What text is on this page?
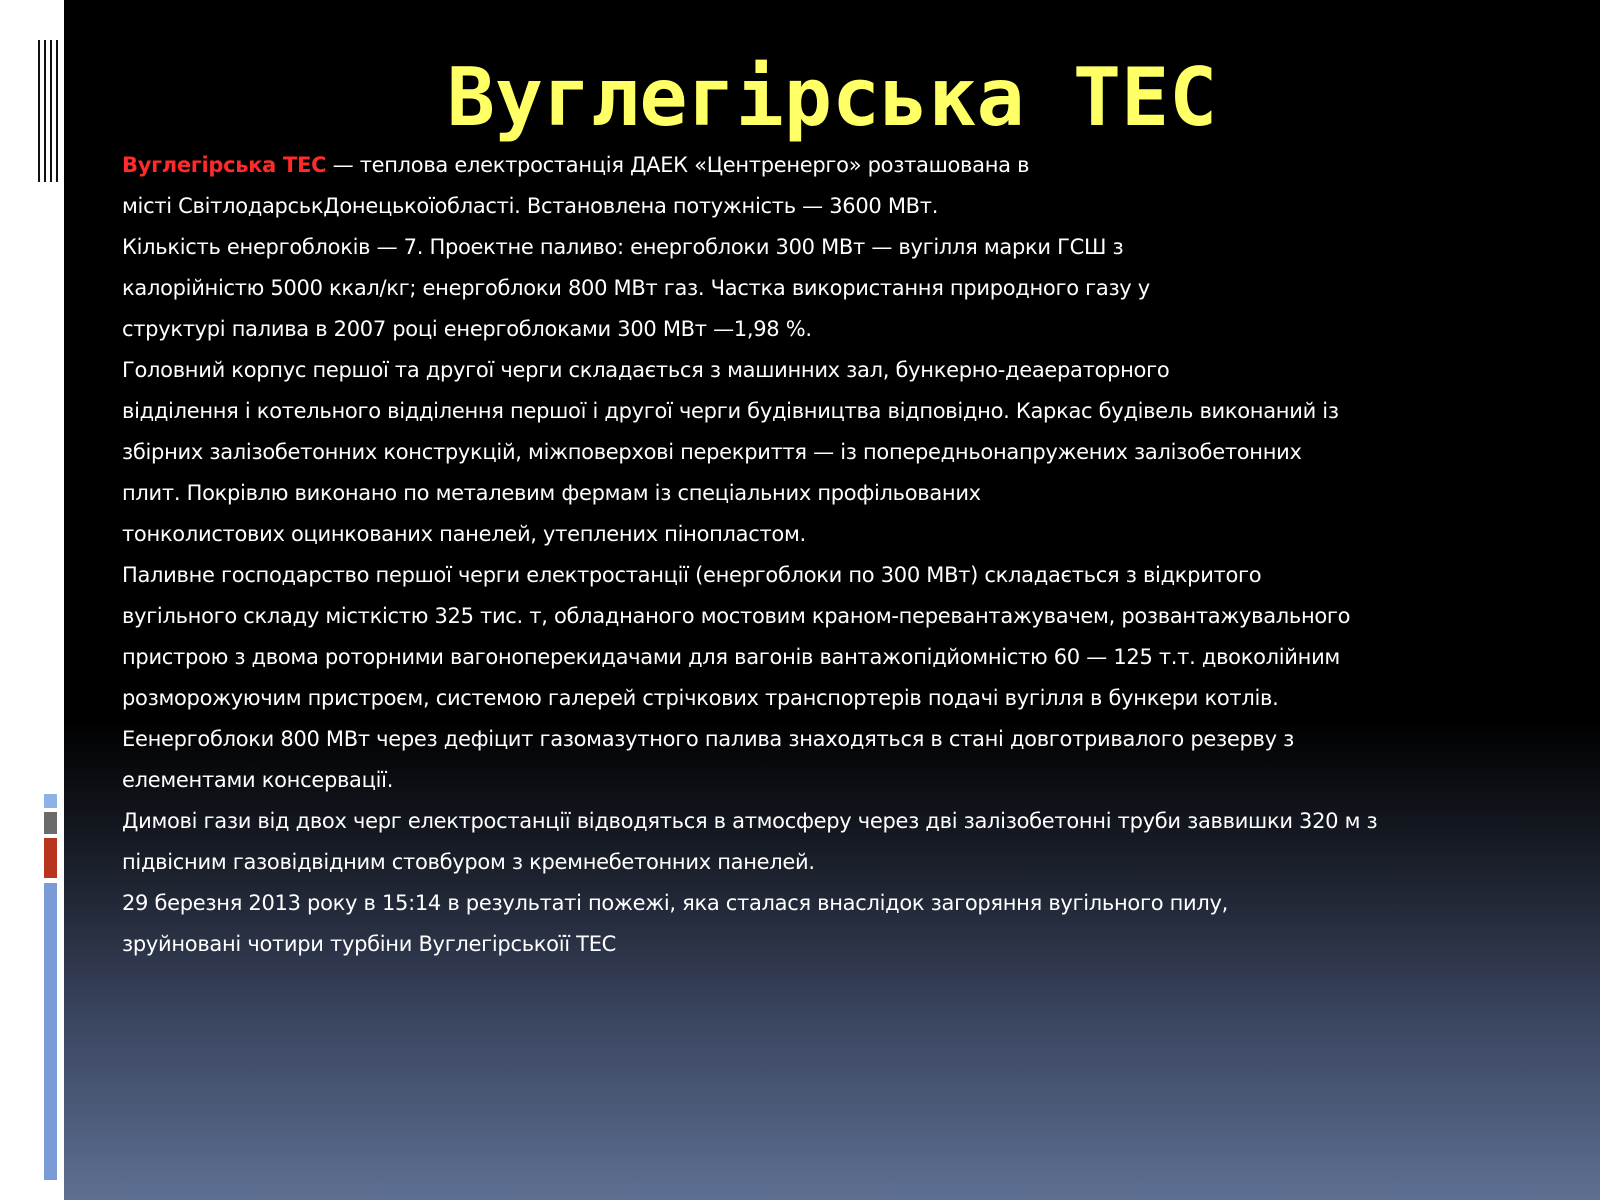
Вуглегірська ТЕС
Вуглегірська ТЕС — теплова електростанція ДАЕК «Центренерго» розташована в
місті СвітлодарськДонецькоїобласті. Встановлена потужність — 3600 МВт.
Кількість енергоблоків — 7. Проектне паливо: енергоблоки 300 МВт — вугілля марки ГСШ з
калорійністю 5000 ккал/кг; енергоблоки 800 МВт газ. Частка використання природного газу у
структурі палива в 2007 році енергоблоками 300 МВт —1,98 %.
Головний корпус першої та другої черги складається з машинних зал, бункерно-деаераторного
відділення і котельного відділення першої і другої черги будівництва відповідно. Каркас будівель виконаний із
збірних залізобетонних конструкцій, міжповерхові перекриття — із попередньонапружених залізобетонних
плит. Покрівлю виконано по металевим фермам із спеціальних профільованих
тонколистових оцинкованих панелей, утеплених пінопластом.
Паливне господарство першої черги електростанції (енергоблоки по 300 МВт) складається з відкритого
вугільного складу місткістю 325 тис. т, обладнаного мостовим краном-перевантажувачем, розвантажувального
пристрою з двома роторними вагоноперекидачами для вагонів вантажопідйомністю 60 — 125 т.т. двоколійним
розморожуючим пристроєм, системою галерей стрічкових транспортерів подачі вугілля в бункери котлів.
Еенергоблоки 800 МВт через дефіцит газомазутного палива знаходяться в стані довготривалого резерву з
елементами консервації.
Димові гази від двох черг електростанції відводяться в атмосферу через дві залізобетонні труби заввишки 320 м з
підвісним газовідвідним стовбуром з кремнебетонних панелей.
29 березня 2013 року в 15:14 в результаті пожежі, яка сталася внаслідок загоряння вугільного пилу,
зруйновані чотири турбіни Вуглегірськоїї ТЕС
